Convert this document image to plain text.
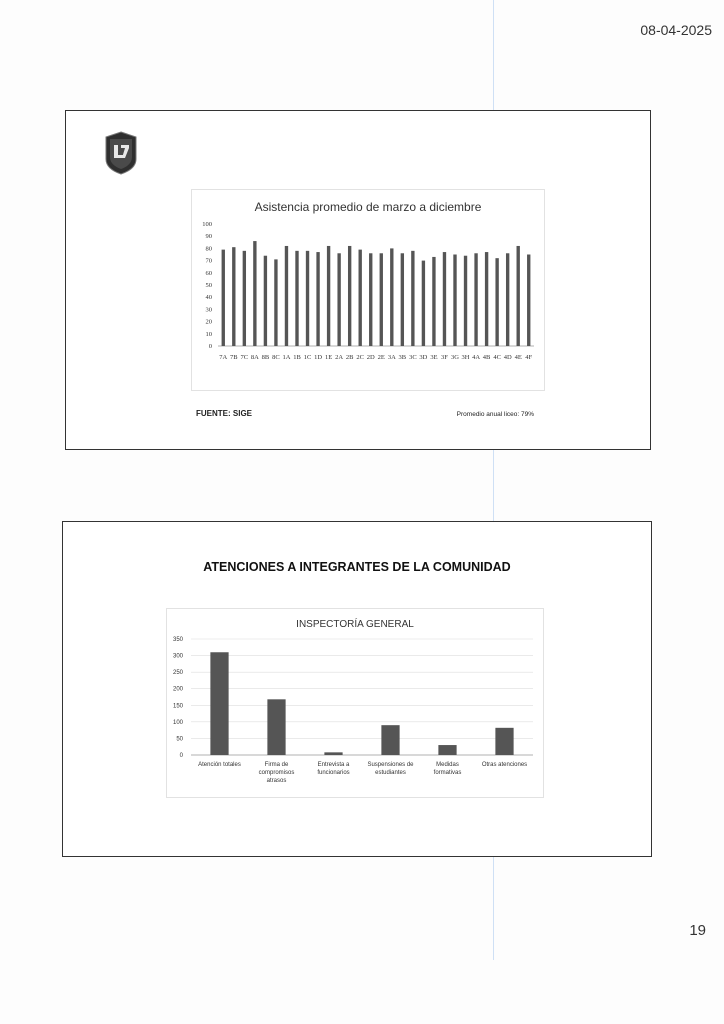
08-04-2025
Asistencia promedio de marzo a diciembre
0
10
20
30
40
50
60
70
80
90
100
7A 7B 7C 8A 8B 8C 1A 1B 1C 1D 1E 2A 2B 2C 2D 2E 3A 3B 3C 3D 3E 3F 3G 3H 4A 4B 4C 4D 4E 4F
FUENTE: SIGE	Promedio anual liceo: 79%
ATENCIONES A INTEGRANTES DE LA COMUNIDAD
INSPECTORÍA GENERAL
0
50
100
150
200
250
300
350
Atención totales	Firma de
compromisos
atrasos
Entrevista a
funcionarios
Suspensiones de
estudiantes
Medidas
formativas
Otras atenciones
19
